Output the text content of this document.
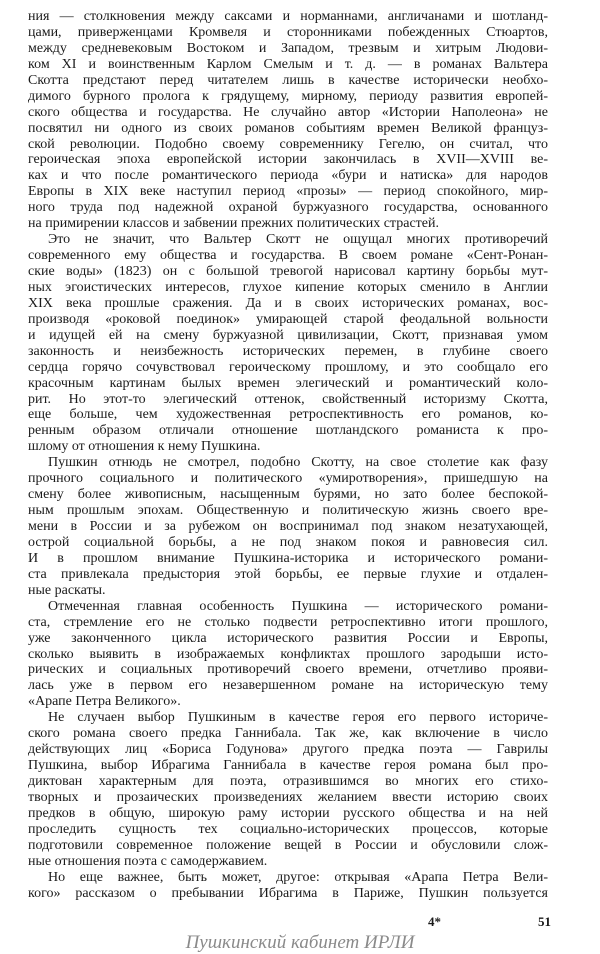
ния — столкновения между саксами и норманнами, англичанами и шотланд-
цами, приверженцами Кромвеля и сторонниками побежденных Стюартов,
между средневековым Востоком и Западом, трезвым и хитрым Людови-
ком XI и воинственным Карлом Смелым и т. д. — в романах Вальтера
Скотта предстают перед читателем лишь в качестве исторически необхо-
димого бурного пролога к грядущему, мирному, периоду развития европей-
ского общества и государства. Не случайно автор «Истории Наполеона» не
посвятил ни одного из своих романов событиям времен Великой француз-
ской революции. Подобно своему современнику Гегелю, он считал, что
героическая эпоха европейской истории закончилась в XVII—XVIII ве-
ках и что после романтического периода «бури и натиска» для народов
Европы в XIX веке наступил период «прозы» — период спокойного, мир-
ного труда под надежной охраной буржуазного государства, основанного
на примирении классов и забвении прежних политических страстей.
Это не значит, что Вальтер Скотт не ощущал многих противоречий
современного ему общества и государства. В своем романе «Сент-Ронан-
ские воды» (1823) он с большой тревогой нарисовал картину борьбы мут-
ных эгоистических интересов, глухое кипение которых сменило в Англии
XIX века прошлые сражения. Да и в своих исторических романах, вос-
производя «роковой поединок» умирающей старой феодальной вольности
и идущей ей на смену буржуазной цивилизации, Скотт, признавая умом
законность и неизбежность исторических перемен, в глубине своего
сердца горячо сочувствовал героическому прошлому, и это сообщало его
красочным картинам былых времен элегический и романтический коло-
рит. Но этот-то элегический оттенок, свойственный историзму Скотта,
еще больше, чем художественная ретроспективность его романов, ко-
ренным образом отличали отношение шотландского романиста к про-
шлому от отношения к нему Пушкина.
Пушкин отнюдь не смотрел, подобно Скотту, на свое столетие как фазу
прочного социального и политического «умиротворения», пришедшую на
смену более живописным, насыщенным бурями, но зато более беспокой-
ным прошлым эпохам. Общественную и политическую жизнь своего вре-
мени в России и за рубежом он воспринимал под знаком незатухающей,
острой социальной борьбы, а не под знаком покоя и равновесия сил.
И в прошлом внимание Пушкина-историка и исторического романи-
ста привлекала предыстория этой борьбы, ее первые глухие и отдален-
ные раскаты.
Отмеченная главная особенность Пушкина — исторического романи-
ста, стремление его не столько подвести ретроспективно итоги прошлого,
уже законченного цикла исторического развития России и Европы,
сколько выявить в изображаемых конфликтах прошлого зародыши исто-
рических и социальных противоречий своего времени, отчетливо прояви-
лась уже в первом его незавершенном романе на историческую тему
«Арапе Петра Великого».
Не случаен выбор Пушкиным в качестве героя его первого историче-
ского романа своего предка Ганнибала. Так же, как включение в число
действующих лиц «Бориса Годунова» другого предка поэта — Гаврилы
Пушкина, выбор Ибрагима Ганнибала в качестве героя романа был про-
диктован характерным для поэта, отразившимся во многих его стихо-
творных и прозаических произведениях желанием ввести историю своих
предков в общую, широкую раму истории русского общества и на ней
проследить сущность тех социально-исторических процессов, которые
подготовили современное положение вещей в России и обусловили слож-
ные отношения поэта с самодержавием.
Но еще важнее, быть может, другое: открывая «Арапа Петра Вели-
кого» рассказом о пребывании Ибрагима в Париже, Пушкин пользуется
4*	51
Пушкинский кабинет ИРЛИ
